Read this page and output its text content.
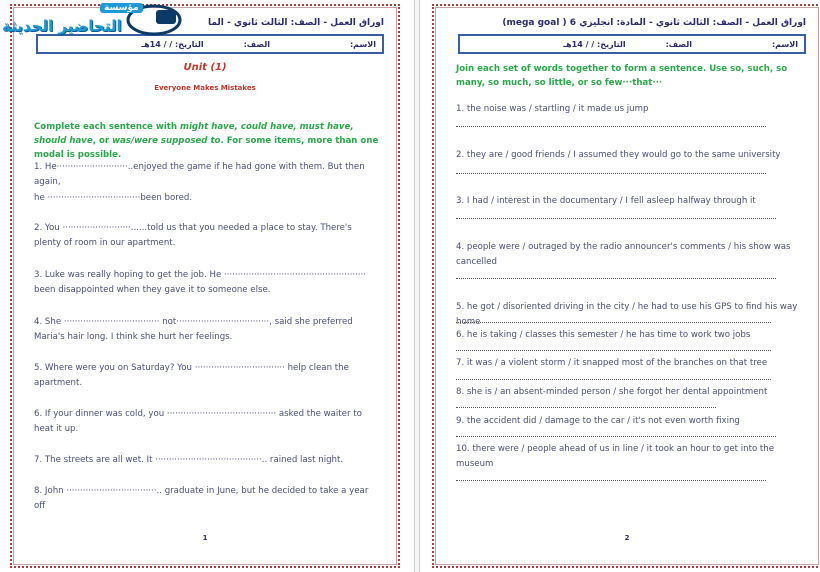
أوراق العمل - الصف: الثالث ثانوي - الما
الاسم:
الصف:
التاريخ: / / 14هـ
Unit (1)
Everyone Makes Mistakes
Complete each sentence with might have, could have, must have, should have, or was/were supposed to. For some items, more than one modal is possible.
1. He··························..enjoyed the game if he had gone with them. But then again,
he ··································been bored.
2. You ·························......told us that you needed a place to stay. There's plenty of room in our apartment.
3. Luke was really hoping to get the job. He ···················································· been disappointed when they gave it to someone else.
4. She ··································· not··································, said she preferred Maria's hair long. I think she hurt her feelings.
5. Where were you on Saturday? You ································· help clean the apartment.
6. If your dinner was cold, you ········································ asked the waiter to heat it up.
7. The streets are all wet. It ·······································.. rained last night.
8. John ·································.. graduate in June, but he decided to take a year off
1
أوراق العمل - الصف: الثالث ثانوي - المادة: انجليزي 6 ( mega goal)
الاسم:
الصف:
التاريخ: / / 14هـ
Join each set of words together to form a sentence. Use so, such, so many, so much, so little, or so few···that···
1. the noise was / startling / it made us jump
2. they are / good friends / I assumed they would go to the same university
3. I had / interest in the documentary / I fell asleep halfway through it
4. people were / outraged by the radio announcer's comments / his show was cancelled
5. he got / disoriented driving in the city / he had to use his GPS to find his way home
6. he is taking / classes this semester / he has time to work two jobs
7. it was / a violent storm / it snapped most of the branches on that tree
8. she is / an absent-minded person / she forgot her dental appointment
9. the accident did / damage to the car / it's not even worth fixing
10. there were / people ahead of us in line / it took an hour to get into the museum
2
مؤسسة
التحاضير الحديثة
